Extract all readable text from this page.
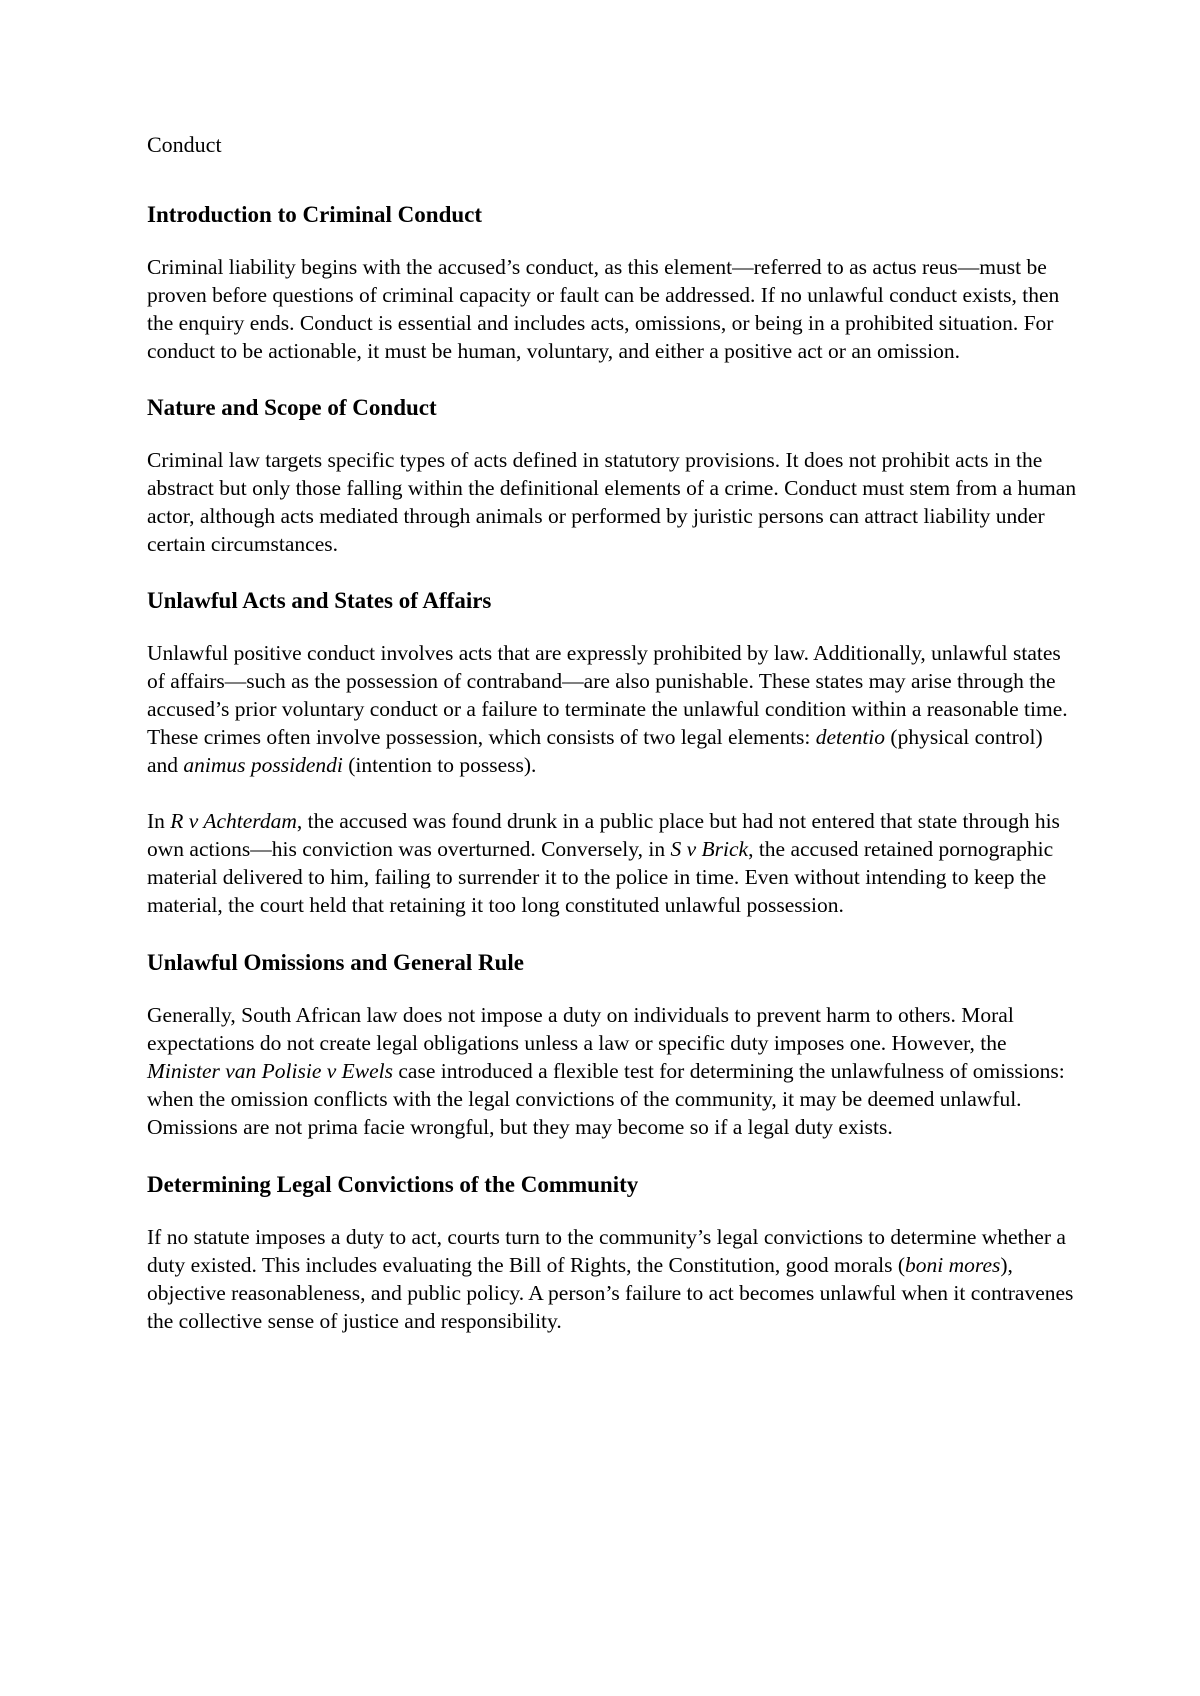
Conduct
Introduction to Criminal Conduct

Criminal liability begins with the accused’s conduct, as this element—referred to as actus reus—must be proven before questions of criminal capacity or fault can be addressed. If no unlawful conduct exists, then the enquiry ends. Conduct is essential and includes acts, omissions, or being in a prohibited situation. For conduct to be actionable, it must be human, voluntary, and either a positive act or an omission.

Nature and Scope of Conduct

Criminal law targets specific types of acts defined in statutory provisions. It does not prohibit acts in the abstract but only those falling within the definitional elements of a crime. Conduct must stem from a human actor, although acts mediated through animals or performed by juristic persons can attract liability under certain circumstances.

Unlawful Acts and States of Affairs

Unlawful positive conduct involves acts that are expressly prohibited by law. Additionally, unlawful states of affairs—such as the possession of contraband—are also punishable. These states may arise through the accused’s prior voluntary conduct or a failure to terminate the unlawful condition within a reasonable time. These crimes often involve possession, which consists of two legal elements: detentio (physical control) and animus possidendi (intention to possess).

In R v Achterdam, the accused was found drunk in a public place but had not entered that state through his own actions—his conviction was overturned. Conversely, in S v Brick, the accused retained pornographic material delivered to him, failing to surrender it to the police in time. Even without intending to keep the material, the court held that retaining it too long constituted unlawful possession.

Unlawful Omissions and General Rule

Generally, South African law does not impose a duty on individuals to prevent harm to others. Moral expectations do not create legal obligations unless a law or specific duty imposes one. However, the Minister van Polisie v Ewels case introduced a flexible test for determining the unlawfulness of omissions: when the omission conflicts with the legal convictions of the community, it may be deemed unlawful. Omissions are not prima facie wrongful, but they may become so if a legal duty exists.

Determining Legal Convictions of the Community

If no statute imposes a duty to act, courts turn to the community’s legal convictions to determine whether a duty existed. This includes evaluating the Bill of Rights, the Constitution, good morals (boni mores), objective reasonableness, and public policy. A person’s failure to act becomes unlawful when it contravenes the collective sense of justice and responsibility.
